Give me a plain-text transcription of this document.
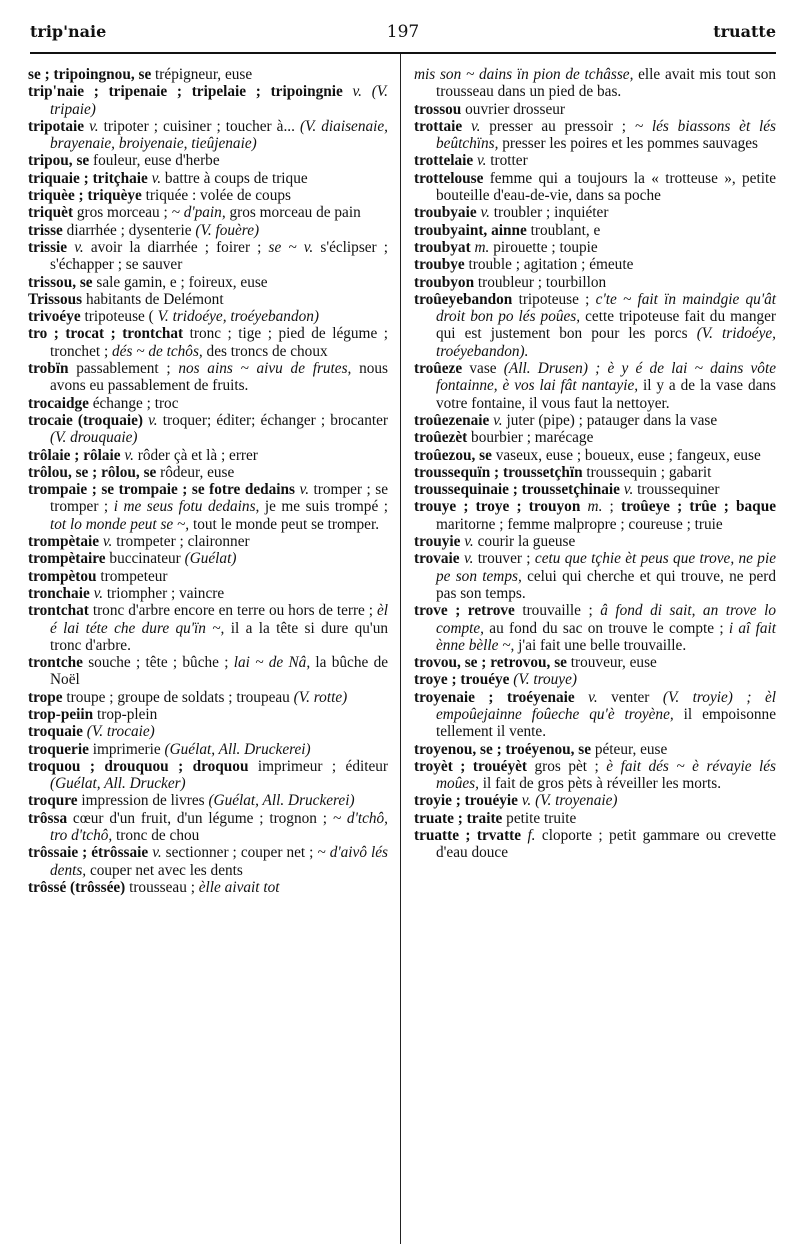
trip'naie	197	truatte

se ; tripoingnou, se trépigneur, euse

trip'naie ; tripenaie ; tripelaie ; tripoingnie v. (V. tripaie)

tripotaie v. tripoter ; cuisiner ; toucher à... (V. diaisenaie, brayenaie, broiyenaie, tieûjenaie)

tripou, se fouleur, euse d'herbe

triquaie ; tritçhaie v. battre à coups de trique

triquèe ; triquèye triquée : volée de coups

triquèt gros morceau ; ~ d'pain, gros morceau de pain

trisse diarrhée ; dysenterie (V. fouère)

trissie v. avoir la diarrhée ; foirer ; se ~ v. s'éclipser ; s'échapper ; se sauver

trissou, se sale gamin, e ; foireux, euse

Trissous habitants de Delémont

trivoéye tripoteuse ( V. tridoéye, troéyebandon)

tro ; trocat ; trontchat tronc ; tige ; pied de légume ; tronchet ; dés ~ de tchôs, des troncs de choux

trobïn passablement ; nos ains ~ aivu de frutes, nous avons eu passablement de fruits.

trocaidge échange ; troc

trocaie (troquaie) v. troquer; éditer; échanger ; brocanter (V. drouquaie)

trôlaie ; rôlaie v. rôder çà et là ; errer

trôlou, se ; rôlou, se rôdeur, euse

trompaie ; se trompaie ; se fotre dedains v. tromper ; se tromper ; i me seus fotu dedains, je me suis trompé ; tot lo monde peut se ~, tout le monde peut se tromper.

trompètaie v. trompeter ; claironner

trompètaire buccinateur (Guélat)

trompètou trompeteur

tronchaie v. triompher ; vaincre

trontchat tronc d'arbre encore en terre ou hors de terre ; èl é lai téte che dure qu'ïn ~, il a la tête si dure qu'un tronc d'arbre.

trontche souche ; tête ; bûche ; lai ~ de Nâ, la bûche de Noël

trope troupe ; groupe de soldats ; troupeau (V. rotte)

trop-peiin trop-plein

troquaie (V. trocaie)

troquerie imprimerie (Guélat, All. Druckerei)

troquou ; drouquou ; droquou imprimeur ; éditeur (Guélat, All. Drucker)

troqure impression de livres (Guélat, All. Druckerei)

trôssa cœur d'un fruit, d'un légume ; trognon ; ~ d'tchô, tro d'tchô, tronc de chou

trôssaie ; étrôssaie v. sectionner ; couper net ; ~ d'aivô lés dents, couper net avec les dents

trôssé (trôssée) trousseau ; èlle aivait tot

mis son ~ dains ïn pion de tchâsse, elle avait mis tout son trousseau dans un pied de bas.

trossou ouvrier drosseur

trottaie v. presser au pressoir ; ~ lés biassons èt lés beûtchïns, presser les poires et les pommes sauvages

trottelaie v. trotter

trottelouse femme qui a toujours la « trotteuse », petite bouteille d'eau-de-vie, dans sa poche

troubyaie v. troubler ; inquiéter

troubyaint, ainne troublant, e

troubyat m. pirouette ; toupie

troubye trouble ; agitation ; émeute

troubyon troubleur ; tourbillon

troûeyebandon tripoteuse ; c'te ~ fait ïn maindgie qu'ât droit bon po lés poûes, cette tripoteuse fait du manger qui est justement bon pour les porcs (V. tridoéye, troéyebandon).

troûeze vase (All. Drusen) ; è y é de lai ~ dains vôte fontainne, è vos lai fât nantayie, il y a de la vase dans votre fontaine, il vous faut la nettoyer.

troûezenaie v. juter (pipe) ; patauger dans la vase

troûezèt bourbier ; marécage

troûezou, se vaseux, euse ; boueux, euse ; fangeux, euse

troussequïn ; troussetçhïn troussequin ; gabarit

troussequinaie ; troussetçhinaie v. troussequiner

trouye ; troye ; trouyon m. ; troûeye ; trûe ; baque maritorne ; femme malpropre ; coureuse ; truie

trouyie v. courir la gueuse

trovaie v. trouver ; cetu que tçhie èt peus que trove, ne pie pe son temps, celui qui cherche et qui trouve, ne perd pas son temps.

trove ; retrove trouvaille ; â fond di sait, an trove lo compte, au fond du sac on trouve le compte ; i aî fait ènne bèlle ~, j'ai fait une belle trouvaille.

trovou, se ; retrovou, se trouveur, euse

troye ; trouéye (V. trouye)

troyenaie ; troéyenaie v. venter (V. troyie) ; èl empoûejainne foûeche qu'è troyène, il empoisonne tellement il vente.

troyenou, se ; troéyenou, se péteur, euse

troyèt ; trouéyèt gros pèt ; è fait dés ~ è révayie lés moûes, il fait de gros pèts à réveiller les morts.

troyie ; trouéyie v. (V. troyenaie)

truate ; traite petite truite

truatte ; trvatte f. cloporte ; petit gammare ou crevette d'eau douce
